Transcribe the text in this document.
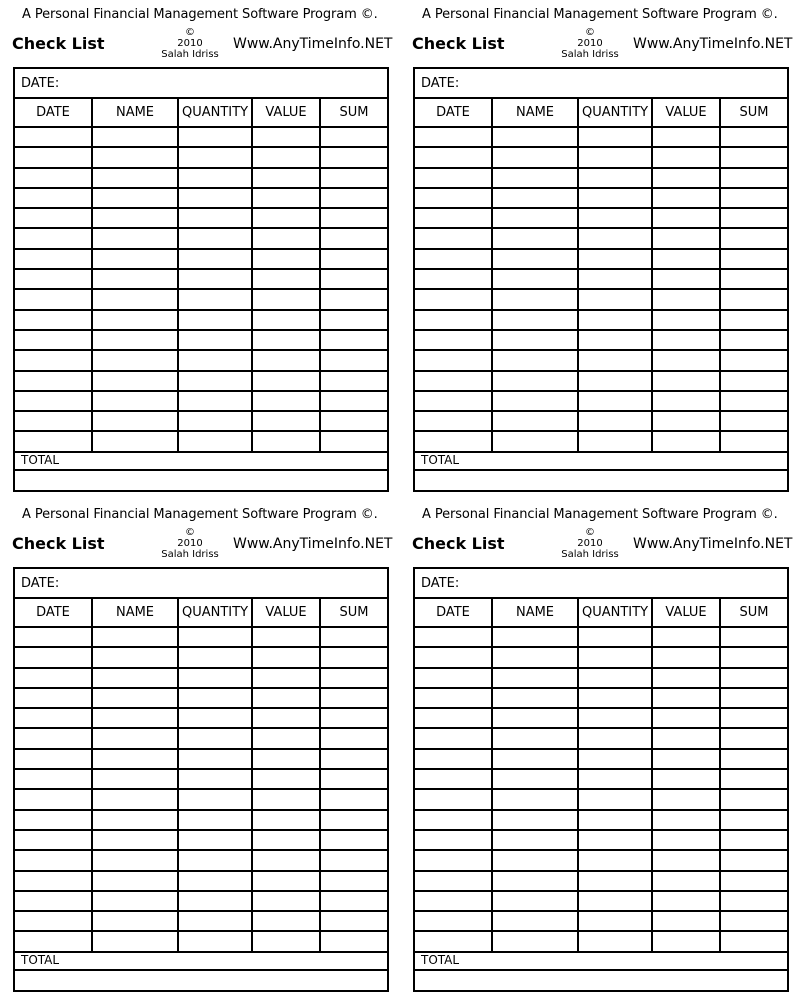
A Personal Financial Management Software Program ©.
Check List
©
2010
Salah Idriss
Www.AnyTimeInfo.NET
DATE:
DATE	NAME	QUANTITY	VALUE	SUM

TOTAL
A Personal Financial Management Software Program ©.
Check List
©
2010
Salah Idriss
Www.AnyTimeInfo.NET
DATE:
DATE	NAME	QUANTITY	VALUE	SUM

TOTAL
A Personal Financial Management Software Program ©.
Check List
©
2010
Salah Idriss
Www.AnyTimeInfo.NET
DATE:
DATE	NAME	QUANTITY	VALUE	SUM

TOTAL
A Personal Financial Management Software Program ©.
Check List
©
2010
Salah Idriss
Www.AnyTimeInfo.NET
DATE:
DATE	NAME	QUANTITY	VALUE	SUM

TOTAL
